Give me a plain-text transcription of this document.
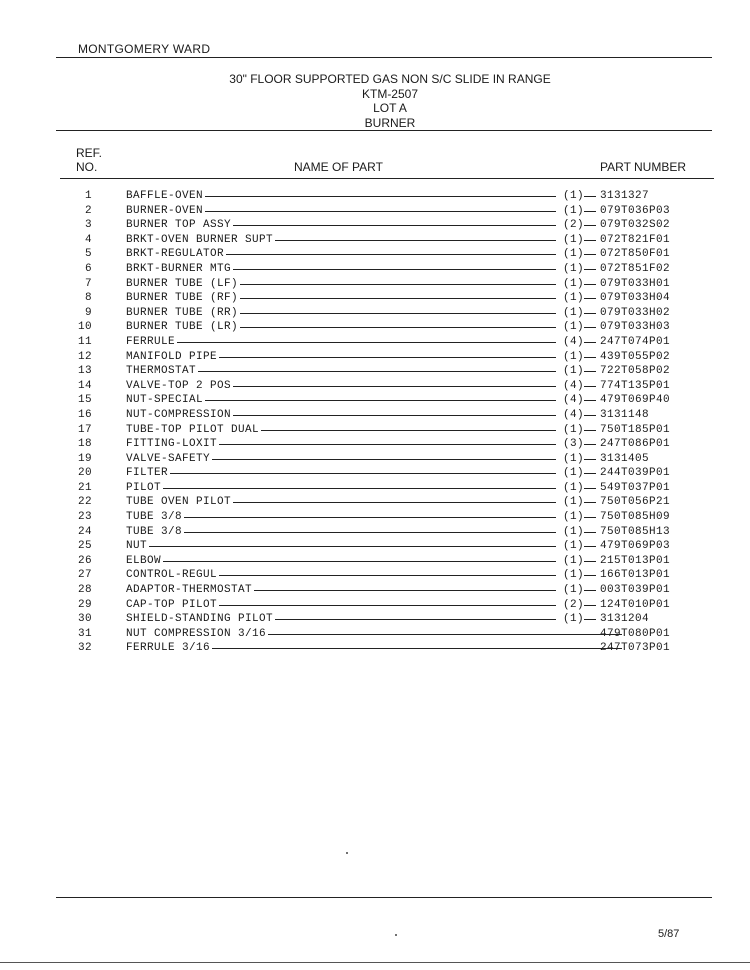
MONTGOMERY WARD
30" FLOOR SUPPORTED GAS NON S/C SLIDE IN RANGE
KTM-2507
LOT A
BURNER
REF.
NO.	NAME OF PART	PART NUMBER
1	BAFFLE-OVEN	(1) 3131327
2	BURNER-OVEN	(1) 079T036P03
3	BURNER TOP ASSY	(2) 079T032S02
4	BRKT-OVEN BURNER SUPT	(1) 072T821F01
5	BRKT-REGULATOR	(1) 072T850F01
6	BRKT-BURNER MTG	(1) 072T851F02
7	BURNER TUBE (LF)	(1) 079T033H01
8	BURNER TUBE (RF)	(1) 079T033H04
9	BURNER TUBE (RR)	(1) 079T033H02
10	BURNER TUBE (LR)	(1) 079T033H03
11	FERRULE	(4) 247T074P01
12	MANIFOLD PIPE	(1) 439T055P02
13	THERMOSTAT	(1) 722T058P02
14	VALVE-TOP 2 POS	(4) 774T135P01
15	NUT-SPECIAL	(4) 479T069P40
16	NUT-COMPRESSION	(4) 3131148
17	TUBE-TOP PILOT DUAL	(1) 750T185P01
18	FITTING-LOXIT	(3) 247T086P01
19	VALVE-SAFETY	(1) 3131405
20	FILTER	(1) 244T039P01
21	PILOT	(1) 549T037P01
22	TUBE OVEN PILOT	(1) 750T056P21
23	TUBE 3/8	(1) 750T085H09
24	TUBE 3/8	(1) 750T085H13
25	NUT	(1) 479T069P03
26	ELBOW	(1) 215T013P01
27	CONTROL-REGUL	(1) 166T013P01
28	ADAPTOR-THERMOSTAT	(1) 003T039P01
29	CAP-TOP PILOT	(2) 124T010P01
30	SHIELD-STANDING PILOT	(1) 3131204
31	NUT COMPRESSION 3/16	479T080P01
32	FERRULE 3/16	247T073P01
5/87
